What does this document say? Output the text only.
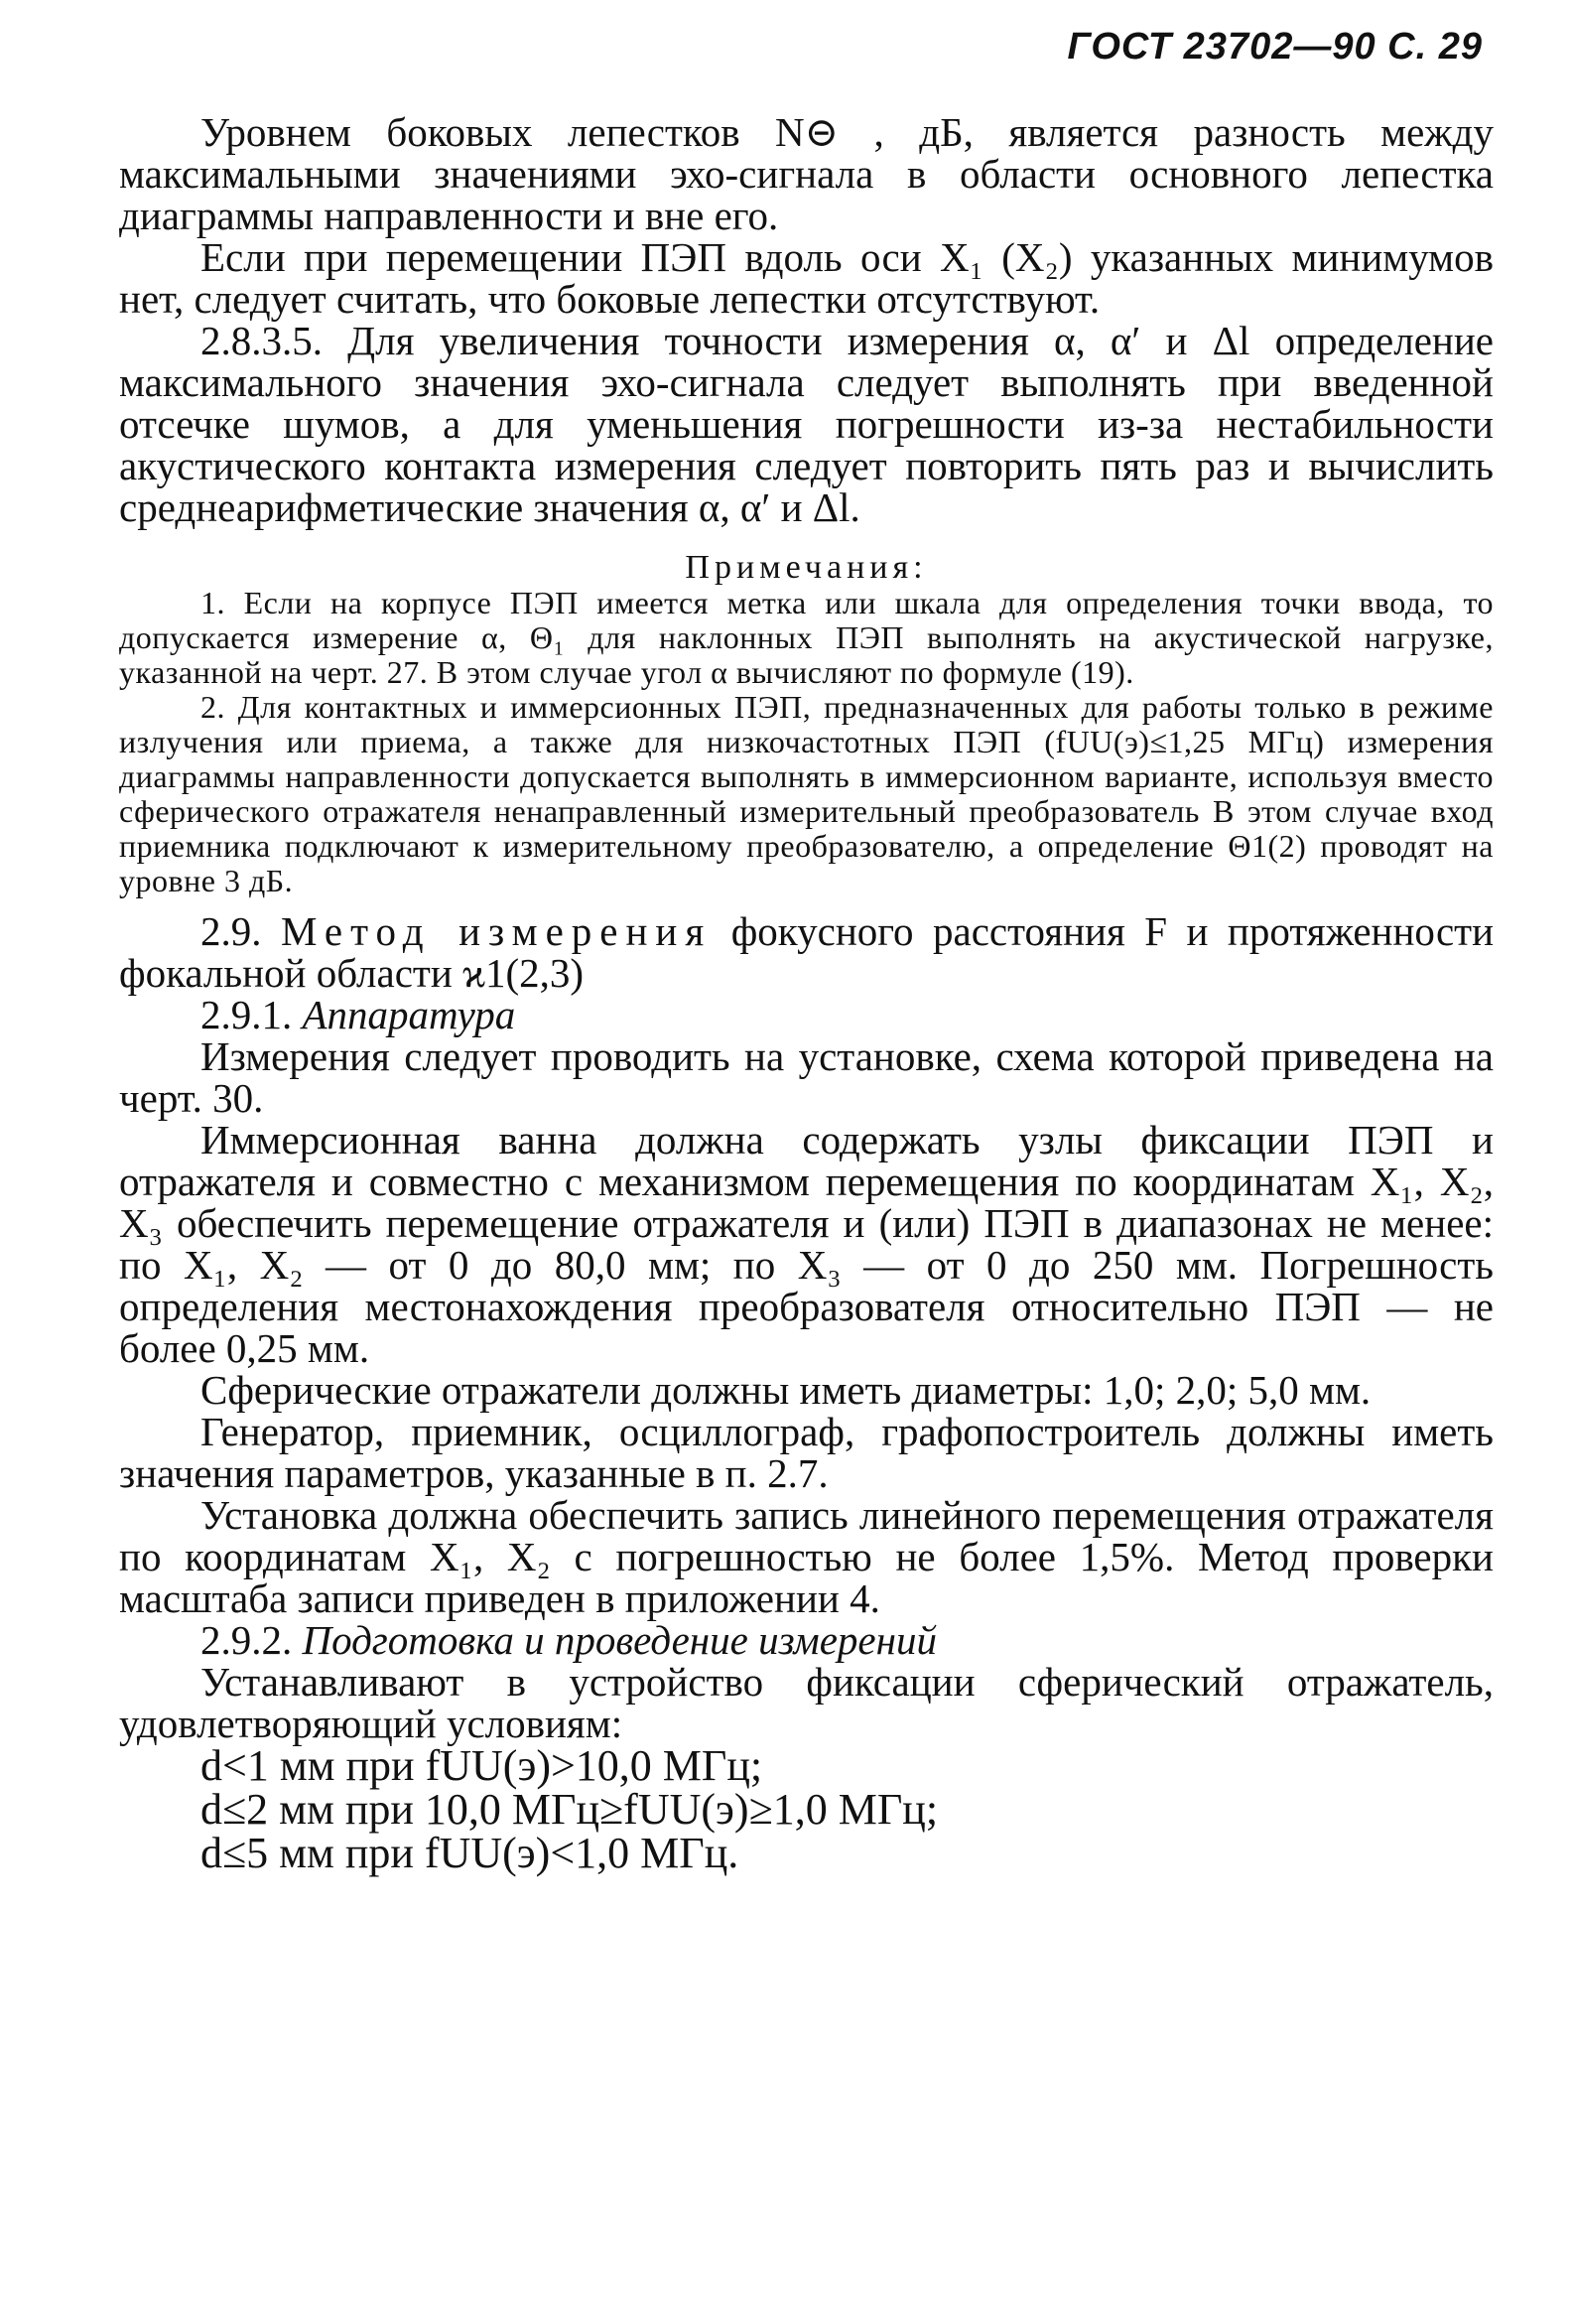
ГОСТ 23702—90 С. 29

Уровнем боковых лепестков N⊝ , дБ, является разность между максимальными значениями эхо-сигнала в области основного лепестка диаграммы направленности и вне его.

Если при перемещении ПЭП вдоль оси X₁ (X₂) указанных минимумов нет, следует считать, что боковые лепестки отсутствуют.

2.8.3.5. Для увеличения точности измерения α, α′ и Δl определение максимального значения эхо-сигнала следует выполнять при введенной отсечке шумов, а для уменьшения погрешности из-за нестабильности акустического контакта измерения следует повторить пять раз и вычислить среднеарифметические значения α, α′ и Δl.

Примечания:

1. Если на корпусе ПЭП имеется метка или шкала для определения точки ввода, то допускается измерение α, Θ₁ для наклонных ПЭП выполнять на акустической нагрузке, указанной на черт. 27. В этом случае угол α вычисляют по формуле (19).

2. Для контактных и иммерсионных ПЭП, предназначенных для работы только в режиме излучения или приема, а также для низкочастотных ПЭП (fUU(э)≤1,25 МГц) измерения диаграммы направленности допускается выполнять в иммерсионном варианте, используя вместо сферического отражателя ненаправленный измерительный преобразователь В этом случае вход приемника подключают к измерительному преобразователю, а определение Θ1(2) проводят на уровне 3 дБ.

2.9. Метод измерения фокусного расстояния F и протяженности фокальной области ϰ1(2,3)

2.9.1. Аппаратура

Измерения следует проводить на установке, схема которой приведена на черт. 30.

Иммерсионная ванна должна содержать узлы фиксации ПЭП и отражателя и совместно с механизмом перемещения по координатам X₁, X₂, X₃ обеспечить перемещение отражателя и (или) ПЭП в диапазонах не менее: по X₁, X₂ — от 0 до 80,0 мм; по X₃ — от 0 до 250 мм. Погрешность определения местонахождения преобразователя относительно ПЭП — не более 0,25 мм.

Сферические отражатели должны иметь диаметры: 1,0; 2,0; 5,0 мм.

Генератор, приемник, осциллограф, графопостроитель должны иметь значения параметров, указанные в п. 2.7.

Установка должна обеспечить запись линейного перемещения отражателя по координатам X₁, X₂ с погрешностью не более 1,5%. Метод проверки масштаба записи приведен в приложении 4.

2.9.2. Подготовка и проведение измерений

Устанавливают в устройство фиксации сферический отражатель, удовлетворяющий условиям:

d<1 мм при fUU(э)>10,0 МГц;

d≤2 мм при 10,0 МГц≥fUU(э)≥1,0 МГц;

d≤5 мм при fUU(э)<1,0 МГц.
